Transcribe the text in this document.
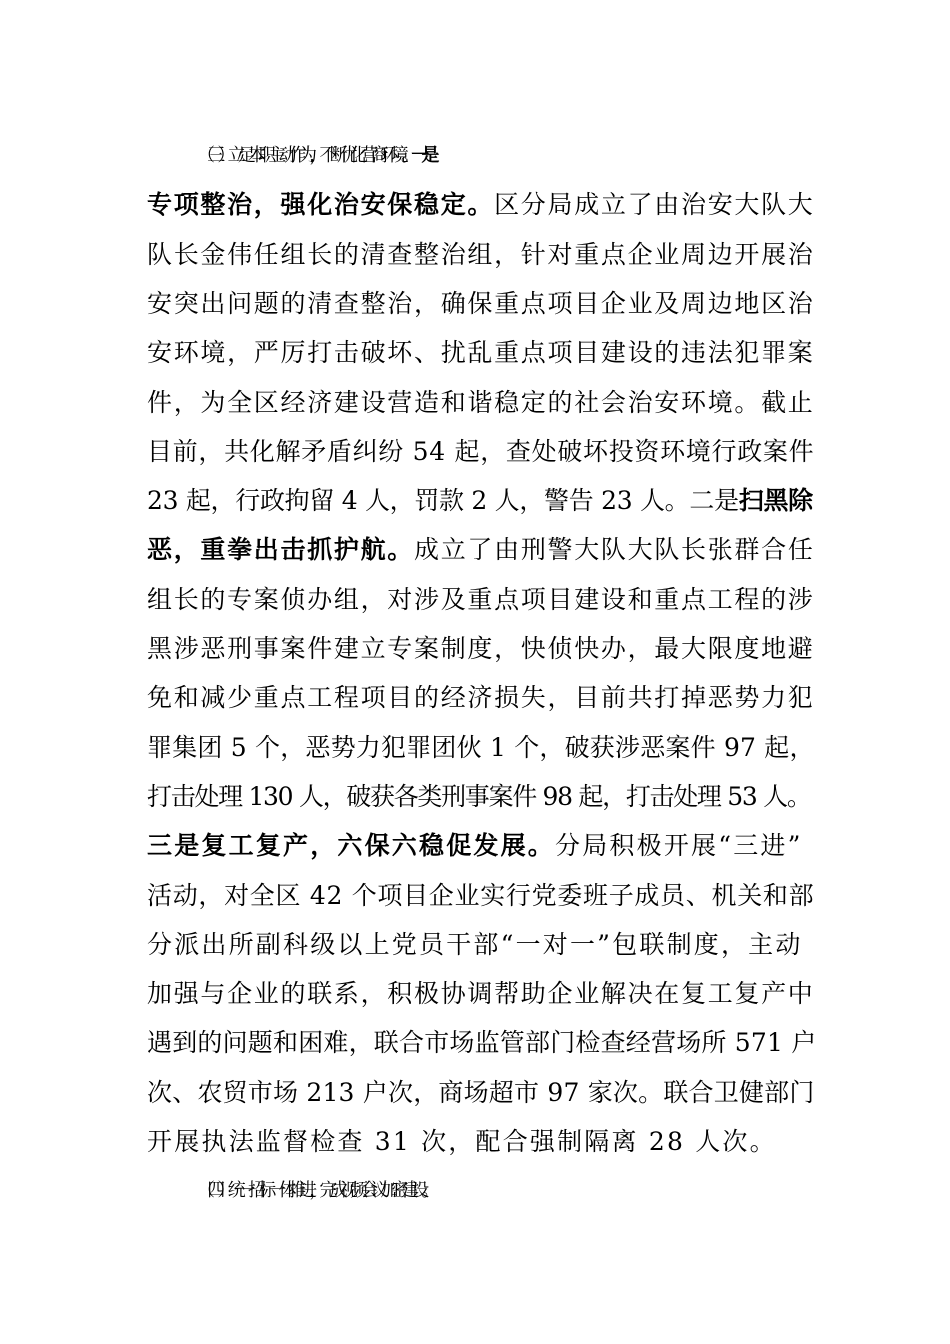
（三）立足本职主动作为，不断优化营商环境。一是
专项整治，强化治安保稳定。区分局成立了由治安大队大
队长金伟任组长的清查整治组，针对重点企业周边开展治
安突出问题的清查整治，确保重点项目企业及周边地区治
安环境，严厉打击破坏、扰乱重点项目建设的违法犯罪案
件，为全区经济建设营造和谐稳定的社会治安环境。截止
目前，共化解矛盾纠纷 54 起，查处破坏投资环境行政案件
23 起，行政拘留 4 人，罚款 2 人，警告 23 人。二是扫黑除
恶，重拳出击抓护航。成立了由刑警大队大队长张群合任
组长的专案侦办组，对涉及重点项目建设和重点工程的涉
黑涉恶刑事案件建立专案制度，快侦快办，最大限度地避
免和减少重点工程项目的经济损失，目前共打掉恶势力犯
罪集团 5 个，恶势力犯罪团伙 1 个，破获涉恶案件 97 起，
打击处理 130 人，破获各类刑事案件 98 起，打击处理 53 人。
三是复工复产，六保六稳促发展。分局积极开展“三进”
活动，对全区 42 个项目企业实行党委班子成员、机关和部
分派出所副科级以上党员干部“一对一”包联制度，主动
加强与企业的联系，积极协调帮助企业解决在复工复产中
遇到的问题和困难，联合市场监管部门检查经营场所 571 户
次、农贸市场 213 户次，商场超市 97 家次。联合卫健部门
开展执法监督检查 31 次，配合强制隔离 28 人次。
（四）统一招标一体推进，完成视频会议加密建设。
